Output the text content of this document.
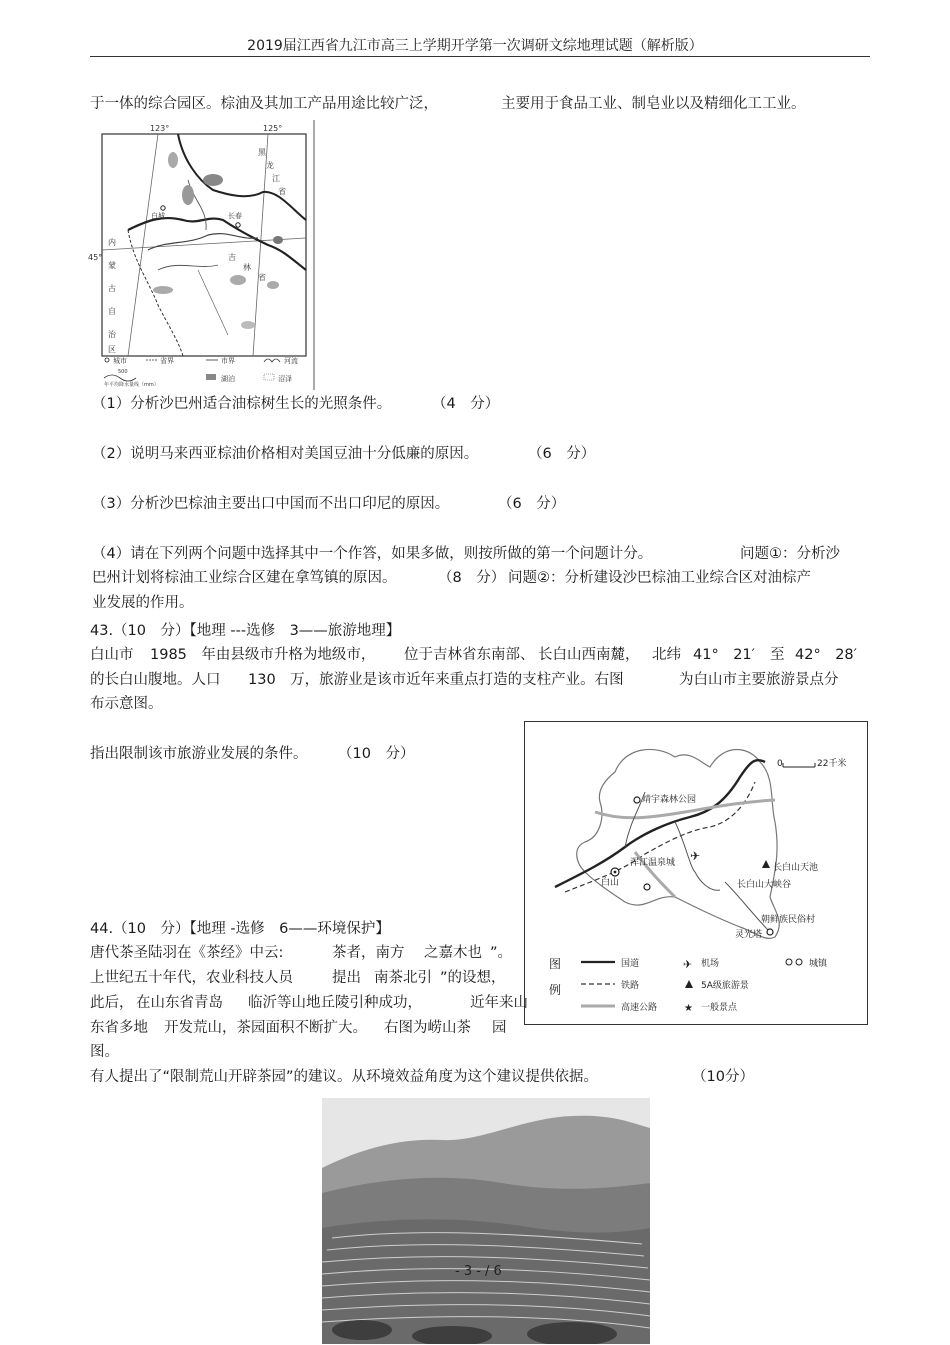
2019届江西省九江市高三上学期开学第一次调研文综地理试题（解析版）
于一体的综合园区。棕油及其加工产品用途比较广泛，	主要用于食品工业、制皂业以及精细化工工业。
123°	125°
45°
黑
龙
江
省
吉
林
省
内
蒙
古
自
治
区
白城	长春
城市	省界	市界	河流
500
年平均降水量线（mm）
湖泊	沼泽
（1）分析沙巴州适合油棕树生长的光照条件。	（4　分）
（2）说明马来西亚棕油价格相对美国豆油十分低廉的原因。	（6　分）
（3）分析沙巴棕油主要出口中国而不出口印尼的原因。	（6　分）
（4）请在下列两个问题中选择其中一个作答，如果多做，则按所做的第一个问题计分。	问题①：分析沙
巴州计划将棕油工业综合区建在拿笃镇的原因。	（8　分） 问题②：分析建设沙巴棕油工业综合区对油棕产
业发展的作用。
43.（10　分）【地理 ---选修　3——旅游地理】
白山市 1985　年由县级市升格为地级市， 位于吉林省东南部、 长白山西南麓， 北纬 41°　21′ 至 42°　28′
的长白山腹地。人口 130　万，旅游业是该市近年来重点打造的支柱产业。右图	为白山市主要旅游景点分
布示意图。
指出限制该市旅游业发展的条件。 （10　分）
✈
0	22千米
靖宇森林公园
浑江温泉城
白山
长白山天池
长白山大峡谷
朝鲜族民俗村
灵光塔
图
例
国道	✈ 机场	城镇
铁路	5A级旅游景
高速公路	★ 一般景点
44.（10　分）【地理 -选修　6——环境保护】
唐代茶圣陆羽在《茶经》中云:	茶者，南方 之嘉木也 ”。
上世纪五十年代，农业科技人员	提出 南茶北引 ”的设想，
此后， 在山东省青岛 临沂等山地丘陵引种成功，	近年来山
东省多地 开发荒山，茶园面积不断扩大。 右图为崂山茶 园
图。
有人提出了“限制荒山开辟茶园”的建议。从环境效益角度为这个建议提供依据。	（10分）
- 3 - / 6
